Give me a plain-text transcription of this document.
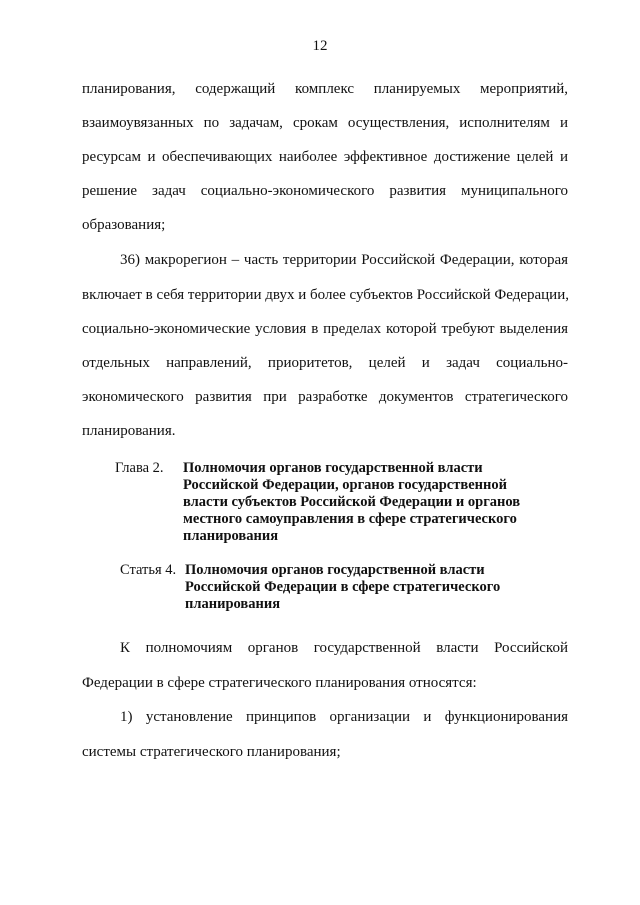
12
планирования, содержащий комплекс планируемых мероприятий,
взаимоувязанных по задачам, срокам осуществления, исполнителям и
ресурсам и обеспечивающих наиболее эффективное достижение целей и
решение задач социально-экономического развития муниципального
образования;
36) макрорегион – часть территории Российской Федерации, которая
включает в себя территории двух и более субъектов Российской Федерации,
социально-экономические условия в пределах которой требуют выделения
отдельных направлений, приоритетов, целей и задач социально-
экономического развития при разработке документов стратегического
планирования.
Глава 2. Полномочия органов государственной власти Российской Федерации, органов государственной власти субъектов Российской Федерации и органов местного самоуправления в сфере стратегического планирования
Статья 4. Полномочия органов государственной власти Российской Федерации в сфере стратегического планирования
К полномочиям органов государственной власти Российской
Федерации в сфере стратегического планирования относятся:
1) установление принципов организации и функционирования
системы стратегического планирования;
